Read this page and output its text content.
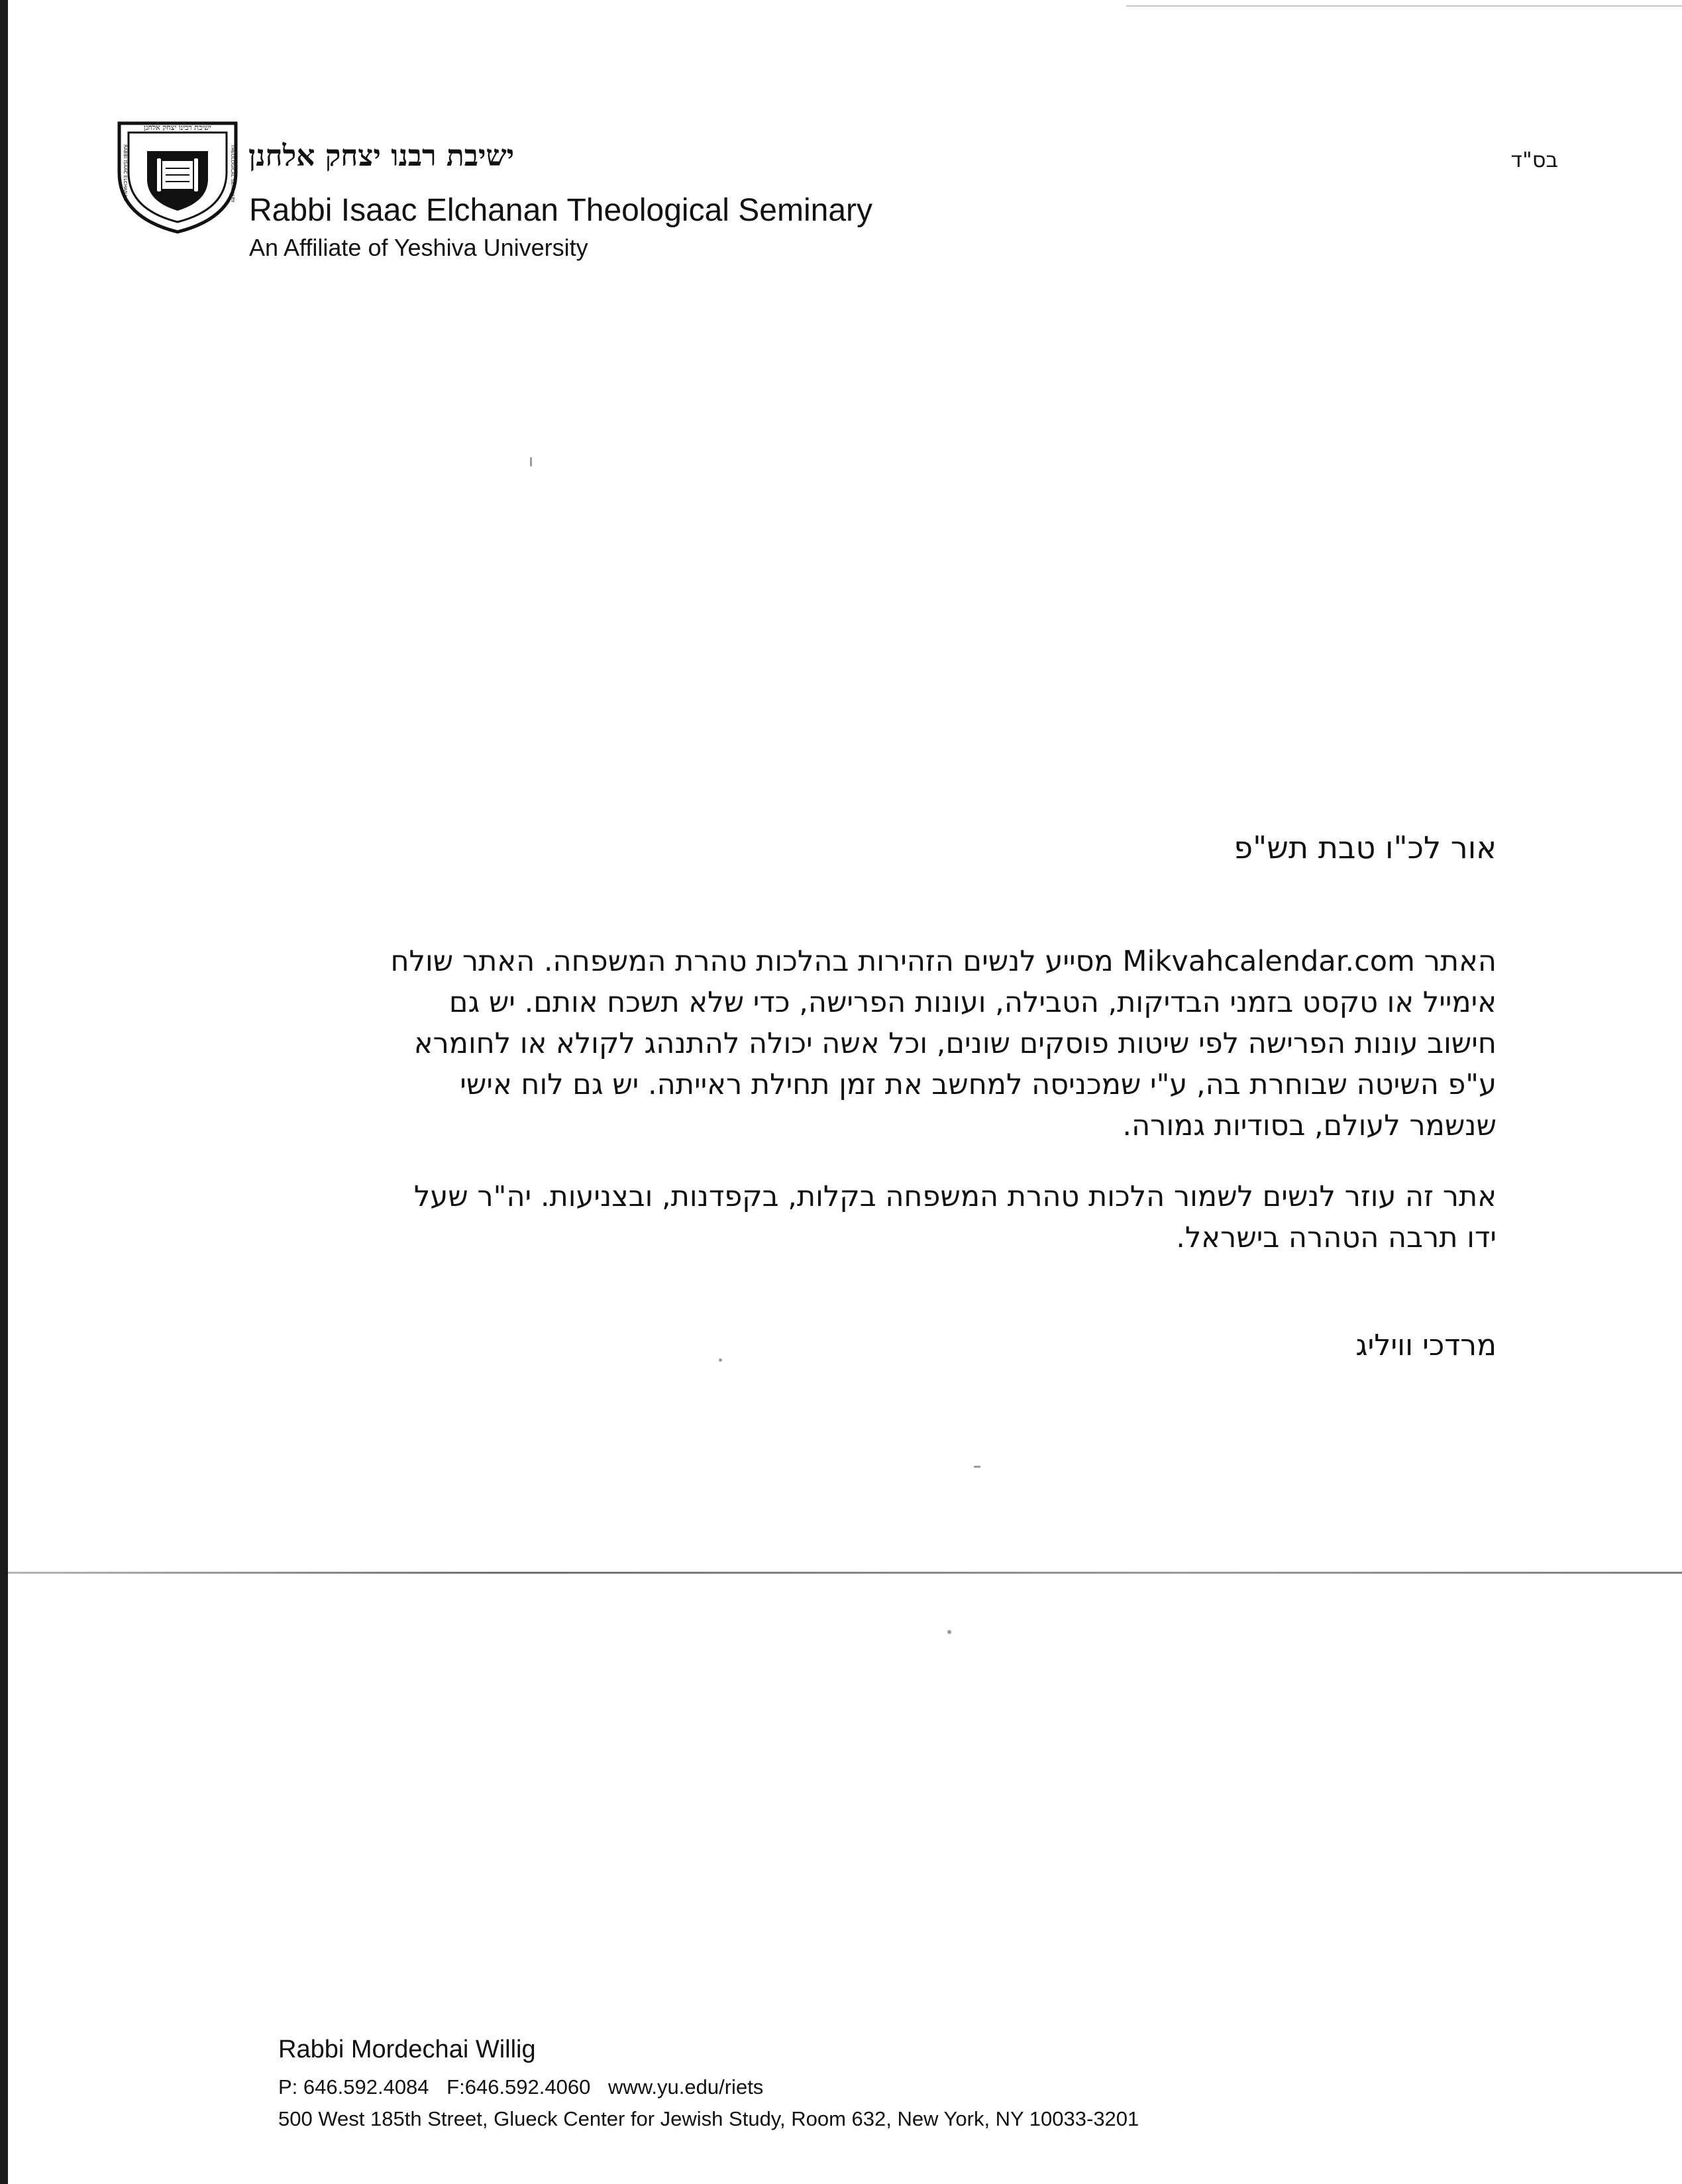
ישיבת רבינו יצחק אלחנן
RABBI ISAAC ELCHANAN	THEOLOGICAL SEMINARY ישיבת רבנו יצחק אלחנן
Rabbi Isaac Elchanan Theological Seminary
An Affiliate of Yeshiva University
בס"ד
אור לכ"ו טבת תש"פ
האתר Mikvahcalendar.com מסייע לנשים הזהירות בהלכות טהרת המשפחה. האתר שולח
אימייל או טקסט בזמני הבדיקות, הטבילה, ועונות הפרישה, כדי שלא תשכח אותם. יש גם
חישוב עונות הפרישה לפי שיטות פוסקים שונים, וכל אשה יכולה להתנהג לקולא או לחומרא
ע"פ השיטה שבוחרת בה, ע"י שמכניסה למחשב את זמן תחילת ראייתה. יש גם לוח אישי
שנשמר לעולם, בסודיות גמורה.
אתר זה עוזר לנשים לשמור הלכות טהרת המשפחה בקלות, בקפדנות, ובצניעות. יה"ר שעל
ידו תרבה הטהרה בישראל.
מרדכי וויליג
Rabbi Mordechai Willig
P: 646.592.4084 F:646.592.4060 www.yu.edu/riets
500 West 185th Street, Glueck Center for Jewish Study, Room 632, New York, NY 10033-3201
